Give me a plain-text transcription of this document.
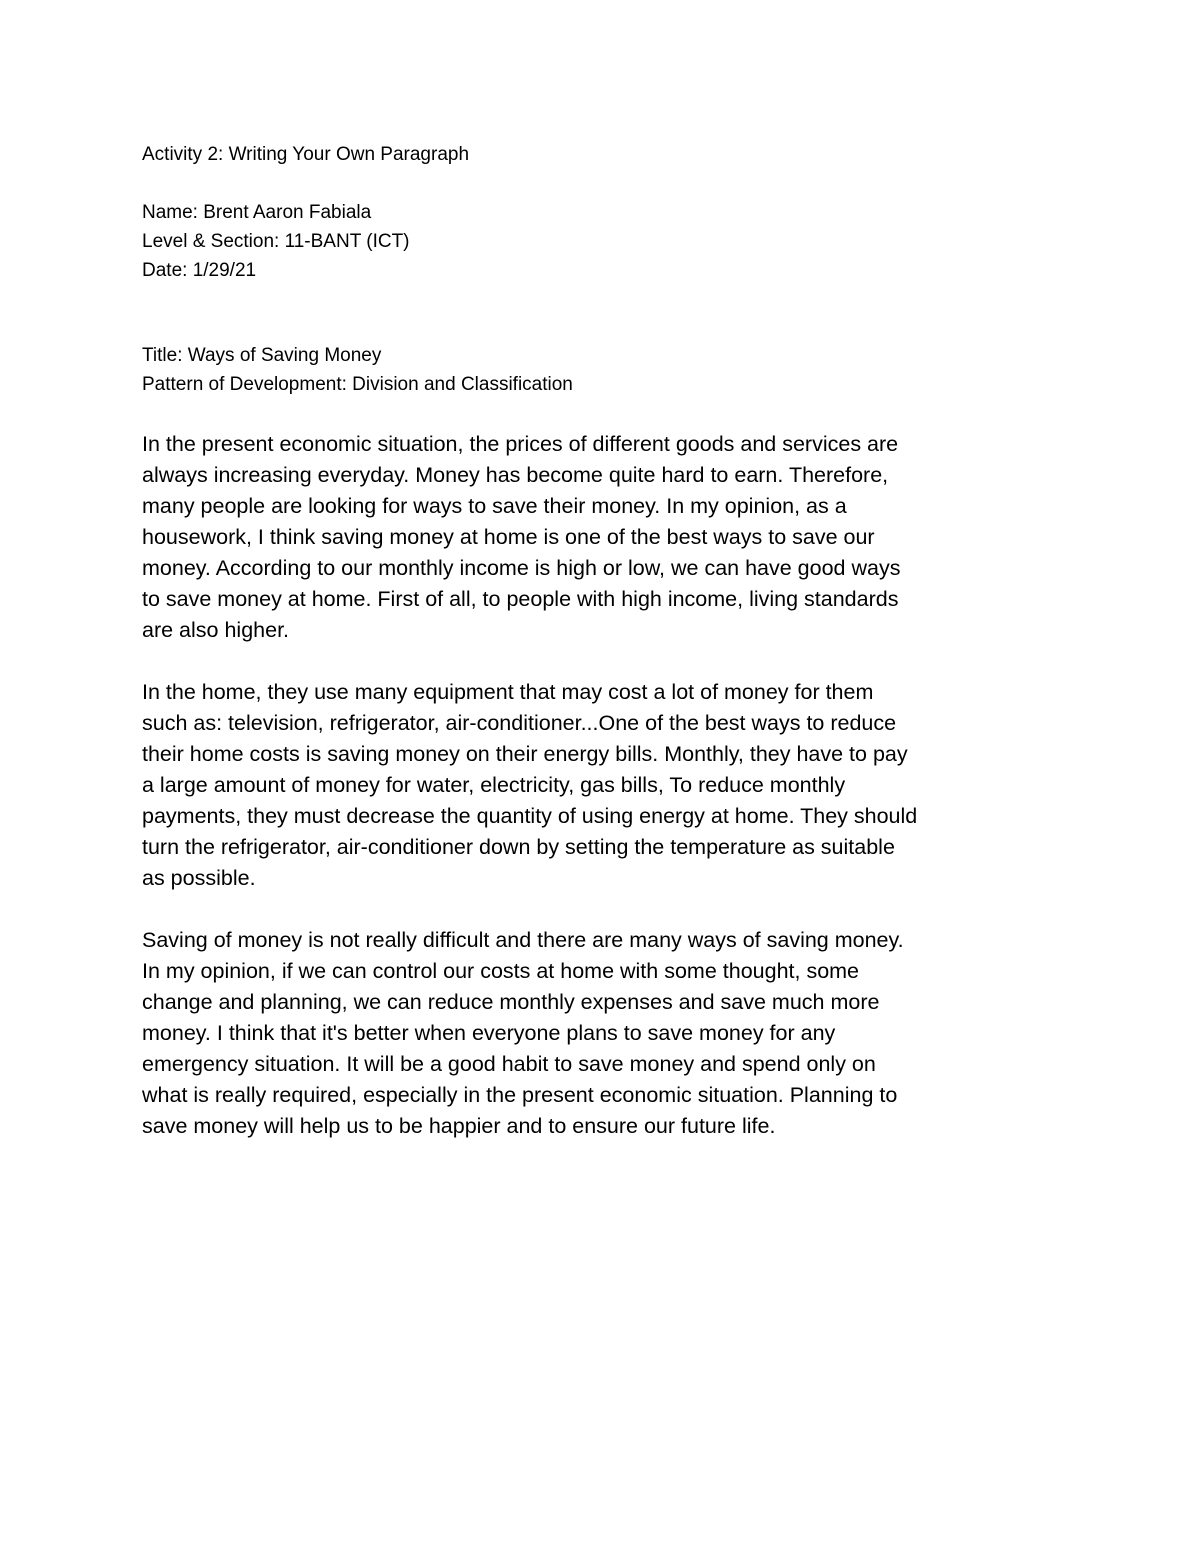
Activity 2: Writing Your Own Paragraph

Name: Brent Aaron Fabiala

Level & Section: 11-BANT (ICT)

Date: 1/29/21

Title: Ways of Saving Money

Pattern of Development: Division and Classification

In the present economic situation, the prices of different goods and services are
always increasing everyday. Money has become quite hard to earn. Therefore,
many people are looking for ways to save their money. In my opinion, as a
housework, I think saving money at home is one of the best ways to save our
money. According to our monthly income is high or low, we can have good ways
to save money at home. First of all, to people with high income, living standards
are also higher.

In the home, they use many equipment that may cost a lot of money for them
such as: television, refrigerator, air-conditioner...One of the best ways to reduce
their home costs is saving money on their energy bills. Monthly, they have to pay
a large amount of money for water, electricity, gas bills, To reduce monthly
payments, they must decrease the quantity of using energy at home. They should
turn the refrigerator, air-conditioner down by setting the temperature as suitable
as possible.

Saving of money is not really difficult and there are many ways of saving money.
In my opinion, if we can control our costs at home with some thought, some
change and planning, we can reduce monthly expenses and save much more
money. I think that it's better when everyone plans to save money for any
emergency situation. It will be a good habit to save money and spend only on
what is really required, especially in the present economic situation. Planning to
save money will help us to be happier and to ensure our future life.
